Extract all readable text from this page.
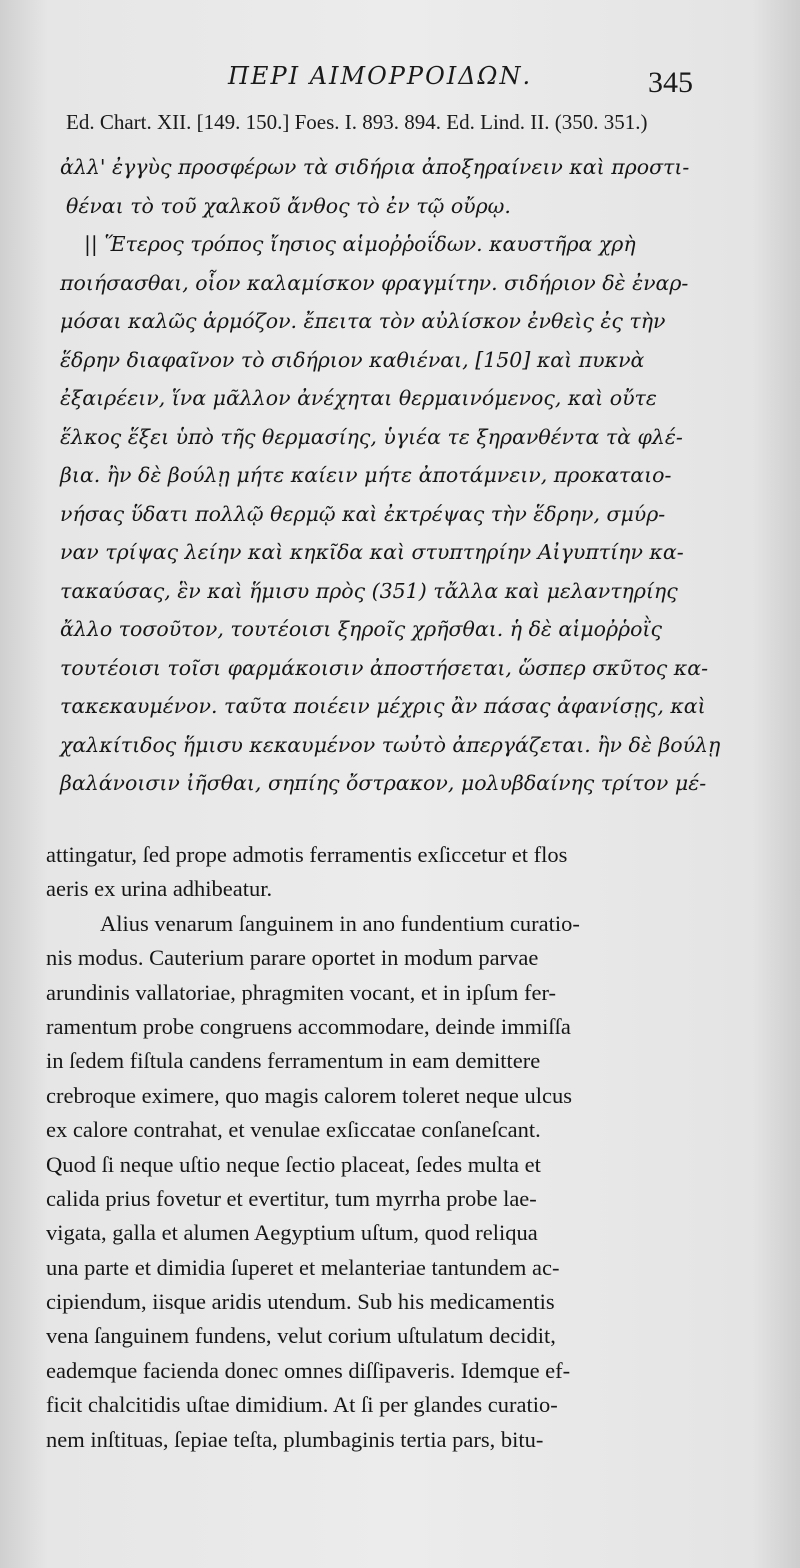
ΠΕΡΙ ΑΙΜΟΡΡΟΙΔΩΝ.	345
Ed. Chart. XII. [149. 150.] Foes. I. 893. 894. Ed. Lind. II. (350. 351.)
ἀλλ' ἐγγὺς προσφέρων τὰ σιδήρια ἀποξηραίνειν καὶ προστι-
θέναι τὸ τοῦ χαλκοῦ ἄνθος τὸ ἐν τῷ οὔρῳ.
|| Ἕτερος τρόπος ἴησιος αἱμοῤῥοΐδων. καυστῆρα χρὴ
ποιήσασθαι, οἷον καλαμίσκον φραγμίτην. σιδήριον δὲ ἐναρ-
μόσαι καλῶς ἁρμόζον. ἔπειτα τὸν αὐλίσκον ἐνθεὶς ἐς τὴν
ἕδρην διαφαῖνον τὸ σιδήριον καθιέναι, [150] καὶ πυκνὰ
ἐξαιρέειν, ἵνα μᾶλλον ἀνέχηται θερμαινόμενος, καὶ οὔτε
ἕλκος ἕξει ὑπὸ τῆς θερμασίης, ὑγιέα τε ξηρανθέντα τὰ φλέ-
βια. ἢν δὲ βούλῃ μήτε καίειν μήτε ἀποτάμνειν, προκαταιο-
νήσας ὕδατι πολλῷ θερμῷ καὶ ἐκτρέψας τὴν ἕδρην, σμύρ-
ναν τρίψας λείην καὶ κηκῖδα καὶ στυπτηρίην Αἰγυπτίην κα-
τακαύσας, ἓν καὶ ἥμισυ πρὸς (351) τἄλλα καὶ μελαντηρίης
ἄλλο τοσοῦτον, τουτέοισι ξηροῖς χρῆσθαι. ἡ δὲ αἱμοῤῥοῒς
τουτέοισι τοῖσι φαρμάκοισιν ἀποστήσεται, ὥσπερ σκῦτος κα-
τακεκαυμένον. ταῦτα ποιέειν μέχρις ἂν πάσας ἀφανίσῃς, καὶ
χαλκίτιδος ἥμισυ κεκαυμένον τωὐτὸ ἀπεργάζεται. ἢν δὲ βούλῃ
βαλάνοισιν ἰῆσθαι, σηπίης ὄστρακον, μολυβδαίνης τρίτον μέ-
attingatur, ſed prope admotis ferramentis exſiccetur et flos
aeris ex urina adhibeatur.
Alius venarum ſanguinem in ano fundentium curatio-
nis modus. Cauterium parare oportet in modum parvae
arundinis vallatoriae, phragmiten vocant, et in ipſum fer-
ramentum probe congruens accommodare, deinde immiſſa
in ſedem fiſtula candens ferramentum in eam demittere
crebroque eximere, quo magis calorem toleret neque ulcus
ex calore contrahat, et venulae exſiccatae conſaneſcant.
Quod ſi neque uſtio neque ſectio placeat, ſedes multa et
calida prius fovetur et evertitur, tum myrrha probe lae-
vigata, galla et alumen Aegyptium uſtum, quod reliqua
una parte et dimidia ſuperet et melanteriae tantundem ac-
cipiendum, iisque aridis utendum. Sub his medicamentis
vena ſanguinem fundens, velut corium uſtulatum decidit,
eademque facienda donec omnes diſſipaveris. Idemque ef-
ficit chalcitidis uſtae dimidium. At ſi per glandes curatio-
nem inſtituas, ſepiae teſta, plumbaginis tertia pars, bitu-
